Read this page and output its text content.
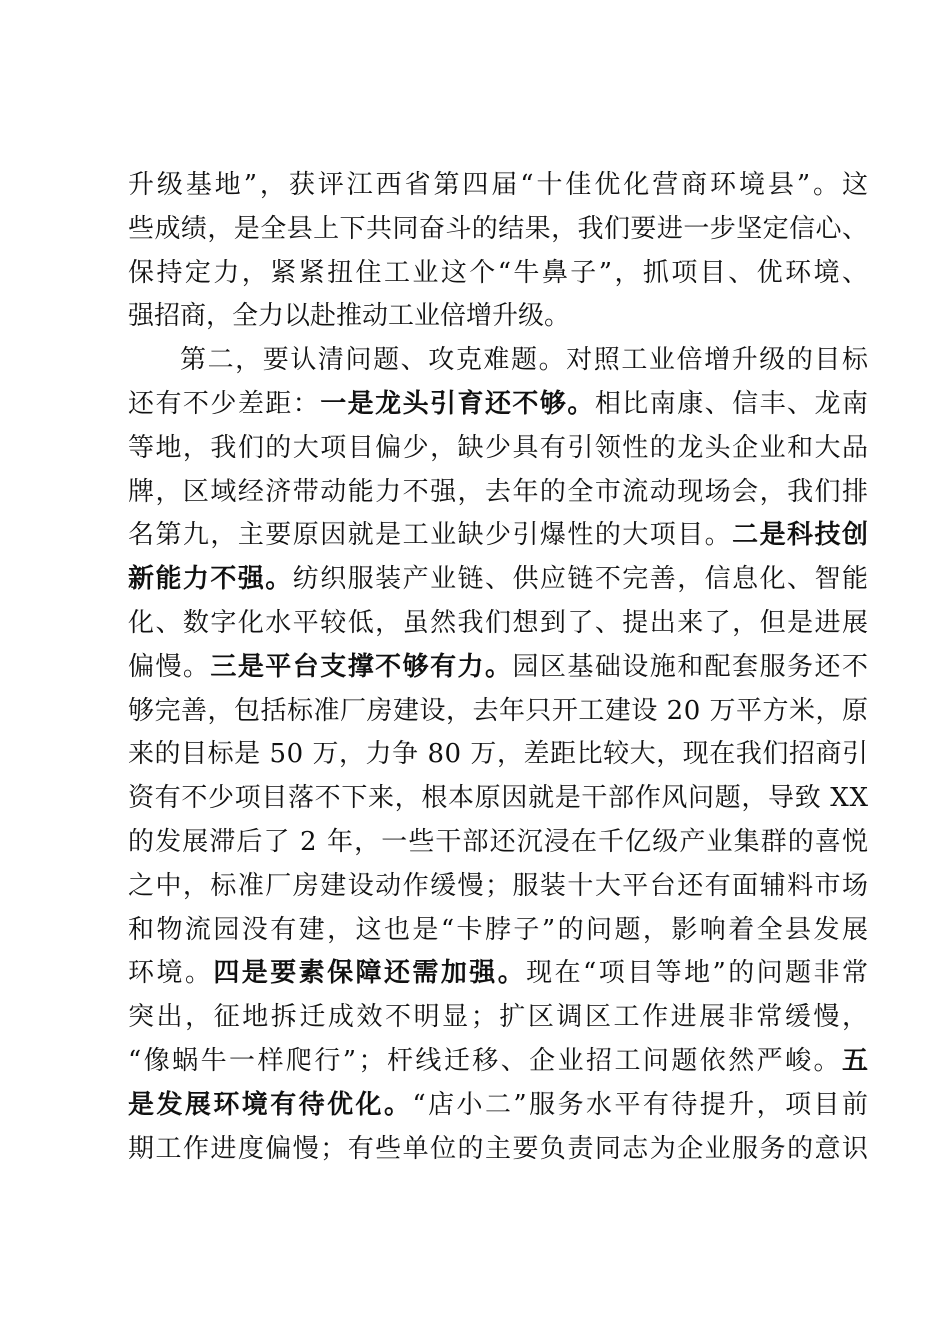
升级基地”，获评江西省第四届“十佳优化营商环境县”。这
些成绩，是全县上下共同奋斗的结果，我们要进一步坚定信心、
保持定力，紧紧扭住工业这个“牛鼻子”，抓项目、优环境、
强招商，全力以赴推动工业倍增升级。
第二，要认清问题、攻克难题。对照工业倍增升级的目标
还有不少差距：一是龙头引育还不够。相比南康、信丰、龙南
等地，我们的大项目偏少，缺少具有引领性的龙头企业和大品
牌，区域经济带动能力不强，去年的全市流动现场会，我们排
名第九，主要原因就是工业缺少引爆性的大项目。二是科技创
新能力不强。纺织服装产业链、供应链不完善，信息化、智能
化、数字化水平较低，虽然我们想到了、提出来了，但是进展
偏慢。三是平台支撑不够有力。园区基础设施和配套服务还不
够完善，包括标准厂房建设，去年只开工建设 20 万平方米，原
来的目标是 50 万，力争 80 万，差距比较大，现在我们招商引
资有不少项目落不下来，根本原因就是干部作风问题，导致 XX
的发展滞后了 2 年，一些干部还沉浸在千亿级产业集群的喜悦
之中，标准厂房建设动作缓慢；服装十大平台还有面辅料市场
和物流园没有建，这也是“卡脖子”的问题，影响着全县发展
环境。四是要素保障还需加强。现在“项目等地”的问题非常
突出，征地拆迁成效不明显；扩区调区工作进展非常缓慢，
“像蜗牛一样爬行”；杆线迁移、企业招工问题依然严峻。五
是发展环境有待优化。“店小二”服务水平有待提升，项目前
期工作进度偏慢；有些单位的主要负责同志为企业服务的意识
